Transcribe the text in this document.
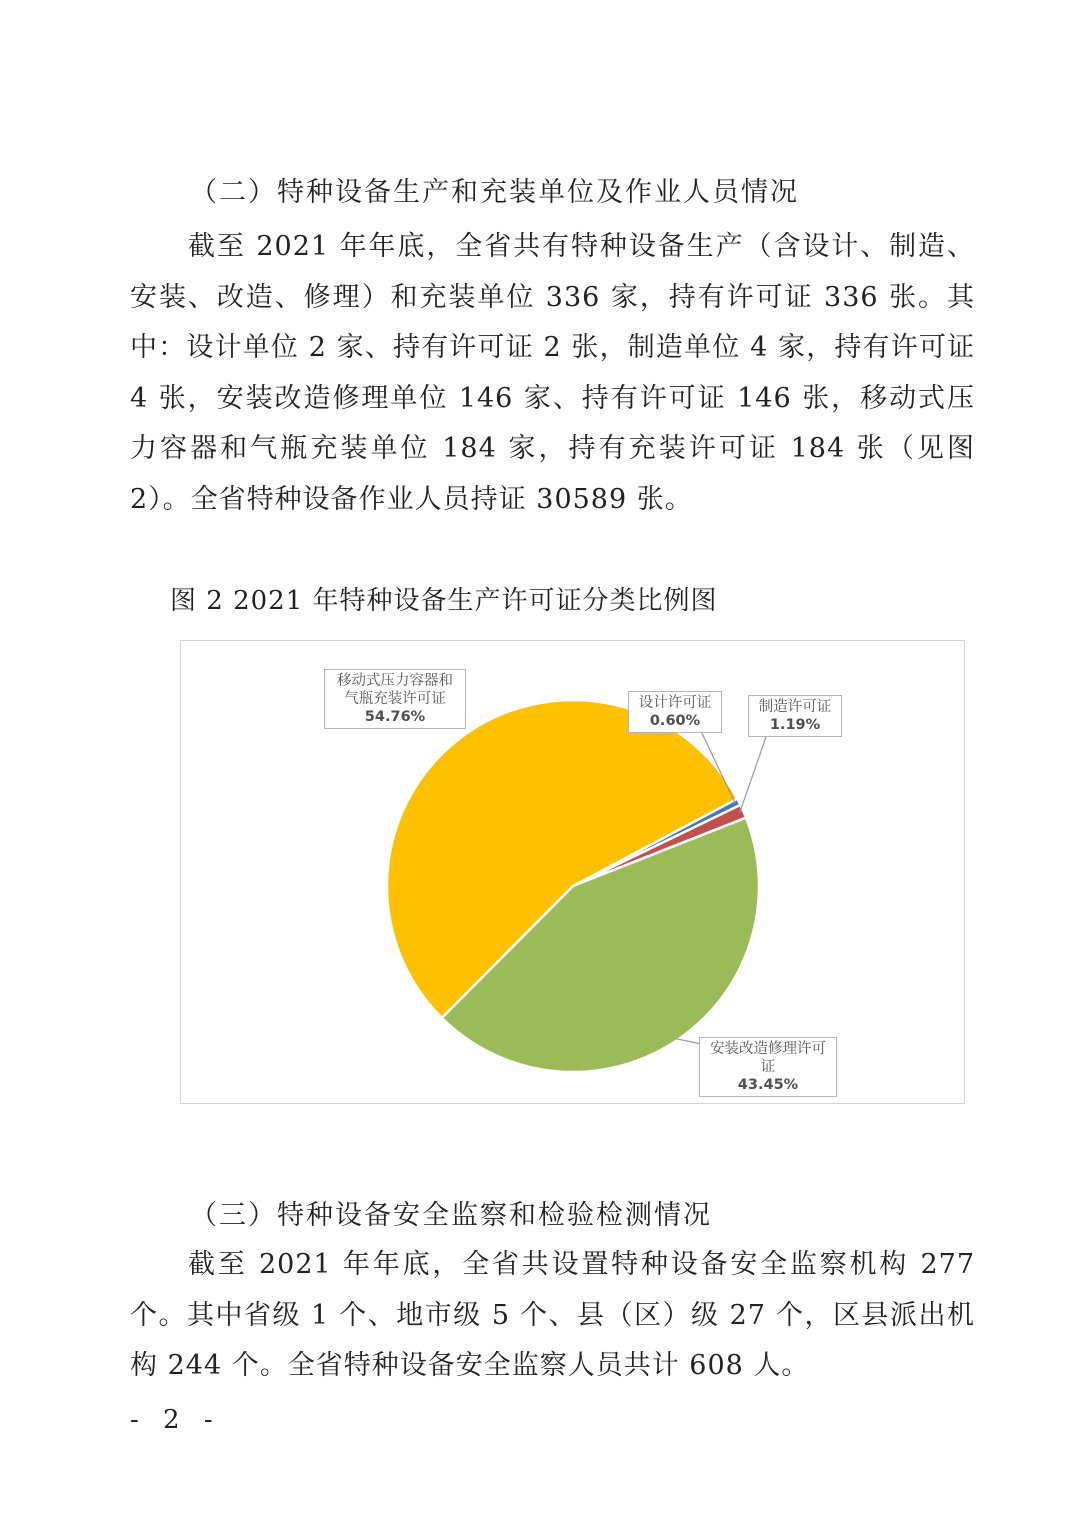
（二）特种设备生产和充装单位及作业人员情况

截至 2021 年年底，全省共有特种设备生产（含设计、制造、安装、改造、修理）和充装单位 336 家，持有许可证 336 张。其中：设计单位 2 家、持有许可证 2 张，制造单位 4 家，持有许可证 4 张，安装改造修理单位 146 家、持有许可证 146 张，移动式压力容器和气瓶充装单位 184 家，持有充装许可证 184 张（见图 2）。全省特种设备作业人员持证 30589 张。

图 2 2021 年特种设备生产许可证分类比例图
移动式压力容器和
气瓶充装许可证
54.76%
设计许可证
0.60%
制造许可证
1.19%
安装改造修理许可
证
43.45%
（三）特种设备安全监察和检验检测情况

截至 2021 年年底，全省共设置特种设备安全监察机构 277 个。其中省级 1 个、地市级 5 个、县（区）级 27 个，区县派出机构 244 个。全省特种设备安全监察人员共计 608 人。

- 2 -
